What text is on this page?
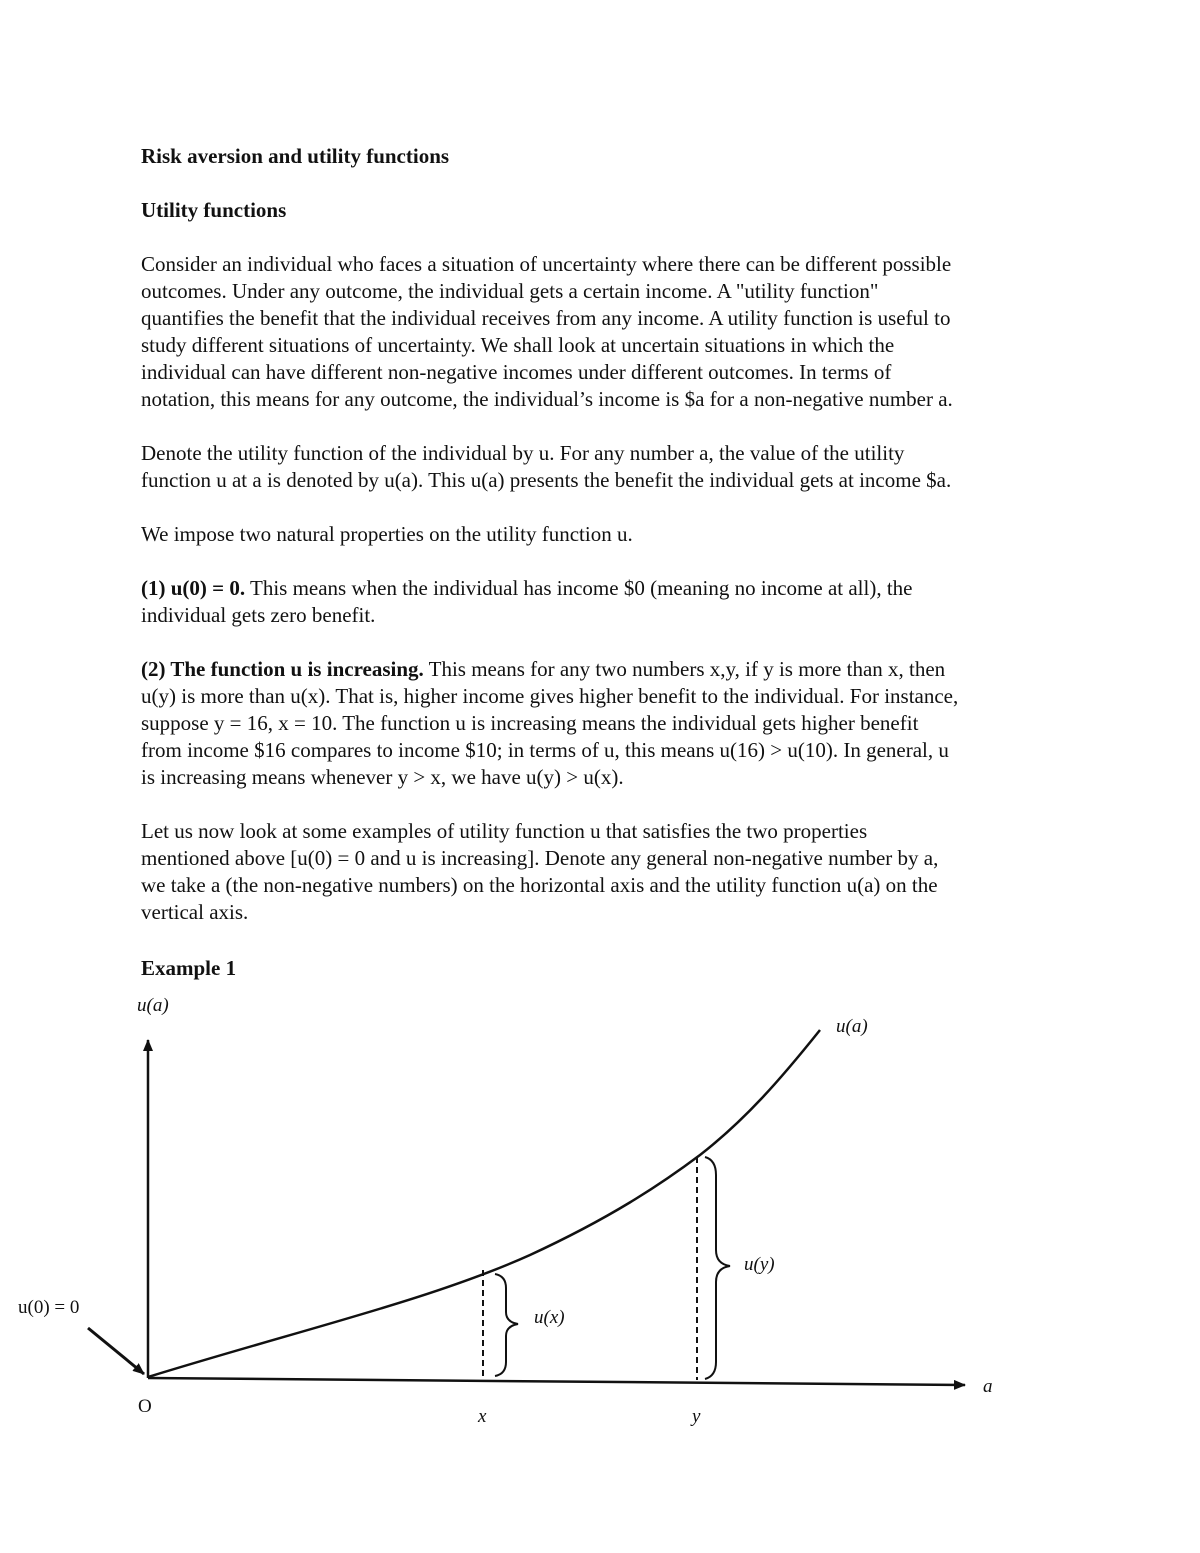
Risk aversion and utility functions
Utility functions
Consider an individual who faces a situation of uncertainty where there can be different possible
outcomes. Under any outcome, the individual gets a certain income. A "utility function"
quantifies the benefit that the individual receives from any income. A utility function is useful to
study different situations of uncertainty. We shall look at uncertain situations in which the
individual can have different non-negative incomes under different outcomes. In terms of
notation, this means for any outcome, the individual’s income is $a for a non-negative number a.
Denote the utility function of the individual by u. For any number a, the value of the utility
function u at a is denoted by u(a). This u(a) presents the benefit the individual gets at income $a.
We impose two natural properties on the utility function u.
(1) u(0) = 0. This means when the individual has income $0 (meaning no income at all), the
individual gets zero benefit.
(2) The function u is increasing. This means for any two numbers x,y, if y is more than x, then
u(y) is more than u(x). That is, higher income gives higher benefit to the individual. For instance,
suppose y = 16, x = 10. The function u is increasing means the individual gets higher benefit
from income $16 compares to income $10; in terms of u, this means u(16) > u(10). In general, u
is increasing means whenever y > x, we have u(y) > u(x).
Let us now look at some examples of utility function u that satisfies the two properties
mentioned above [u(0) = 0 and u is increasing]. Denote any general non-negative number by a,
we take a (the non-negative numbers) on the horizontal axis and the utility function u(a) on the
vertical axis.
Example 1
u(a)
u(a)
u(0) = 0
O
a
x	y
u(x)
u(y)
